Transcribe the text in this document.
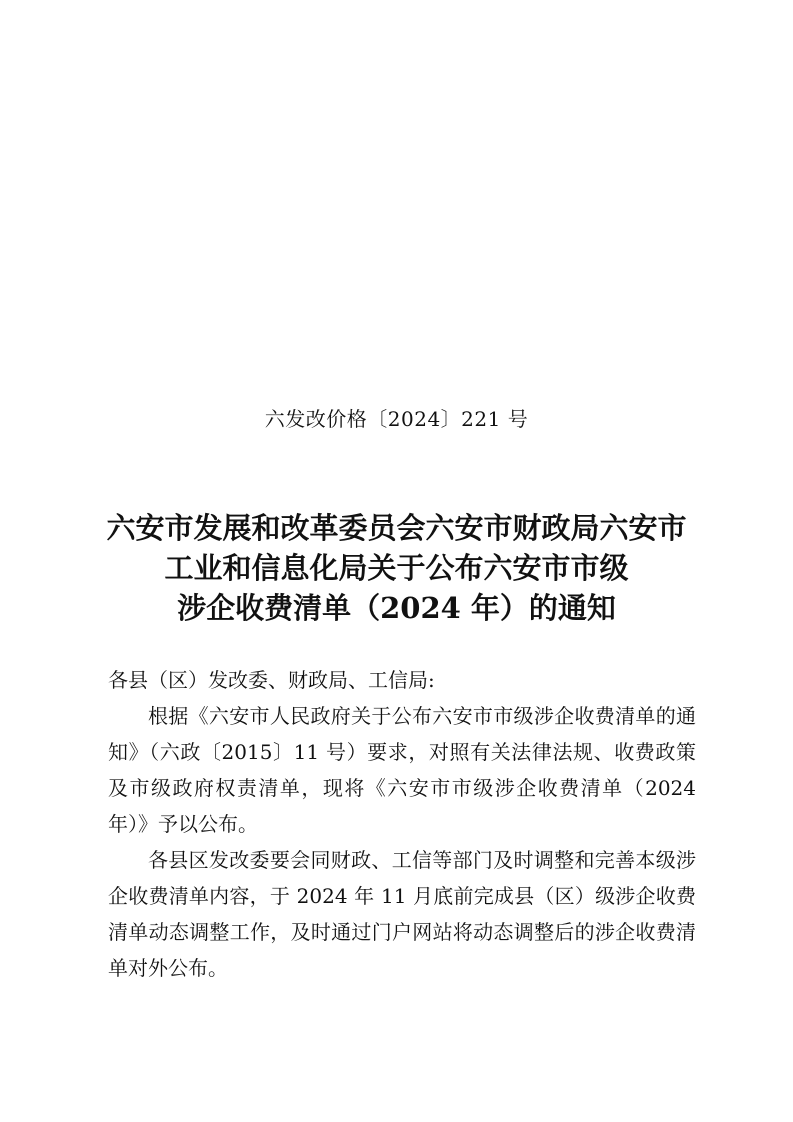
六发改价格〔2024〕221 号
六安市发展和改革委员会六安市财政局六安市
工业和信息化局关于公布六安市市级
涉企收费清单（2024 年）的通知

各县（区）发改委、财政局、工信局:

根据《六安市人民政府关于公布六安市市级涉企收费清单的通知》（六政〔2015〕11 号）要求，对照有关法律法规、收费政策及市级政府权责清单，现将《六安市市级涉企收费清单（2024 年）》予以公布。

各县区发改委要会同财政、工信等部门及时调整和完善本级涉企收费清单内容，于 2024 年 11 月底前完成县（区）级涉企收费清单动态调整工作，及时通过门户网站将动态调整后的涉企收费清单对外公布。
